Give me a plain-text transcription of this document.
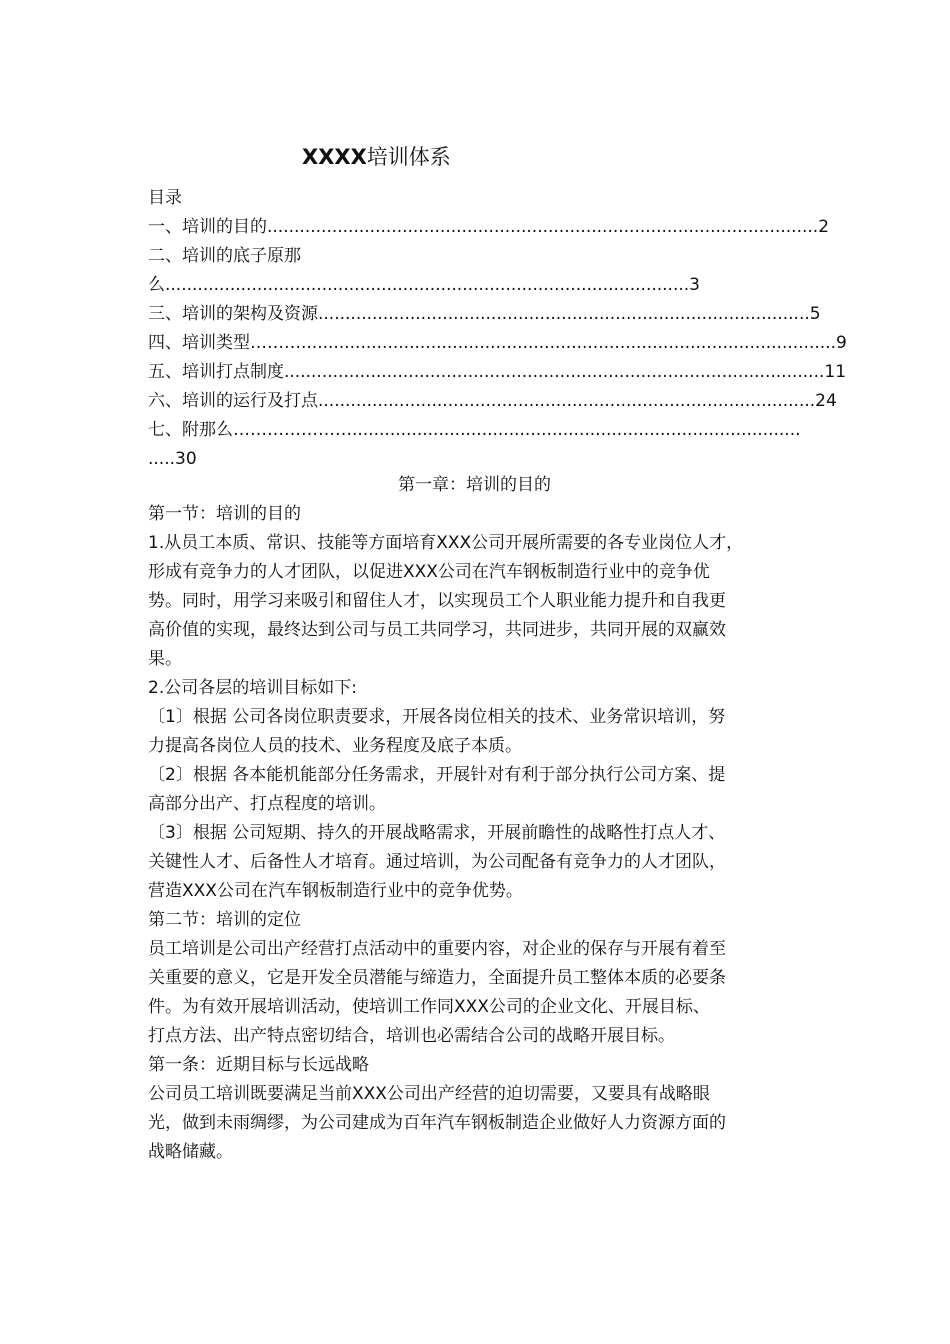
XXXX培训体系
目录
一、培训的目的......................................................................................................2
二、培训的底子原那
么.................................................................................................3
三、培训的架构及资源...........................................................................................5
四、培训类型………...................................................................................................9
五、培训打点制度....................................................................................................11
六、培训的运行及打点............................................................................................24
七、附那么…………………...................................................................................
.....30
第一章：培训的目的
第一节：培训的目的
1.从员工本质、常识、技能等方面培育XXX公司开展所需要的各专业岗位人才，
形成有竞争力的人才团队，以促进XXX公司在汽车钢板制造行业中的竞争优
势。同时，用学习来吸引和留住人才，以实现员工个人职业能力提升和自我更
高价值的实现，最终达到公司与员工共同学习，共同进步，共同开展的双赢效
果。
2.公司各层的培训目标如下:
〔1〕根据 公司各岗位职责要求，开展各岗位相关的技术、业务常识培训，努
力提高各岗位人员的技术、业务程度及底子本质。
〔2〕根据 各本能机能部分任务需求，开展针对有利于部分执行公司方案、提
高部分出产、打点程度的培训。
〔3〕根据 公司短期、持久的开展战略需求，开展前瞻性的战略性打点人才、
关键性人才、后备性人才培育。通过培训，为公司配备有竞争力的人才团队，
营造XXX公司在汽车钢板制造行业中的竞争优势。
第二节：培训的定位
员工培训是公司出产经营打点活动中的重要内容，对企业的保存与开展有着至
关重要的意义，它是开发全员潜能与缔造力，全面提升员工整体本质的必要条
件。为有效开展培训活动，使培训工作同XXX公司的企业文化、开展目标、
打点方法、出产特点密切结合，培训也必需结合公司的战略开展目标。
第一条：近期目标与长远战略
公司员工培训既要满足当前XXX公司出产经营的迫切需要，又要具有战略眼
光，做到未雨绸缪，为公司建成为百年汽车钢板制造企业做好人力资源方面的
战略储藏。
